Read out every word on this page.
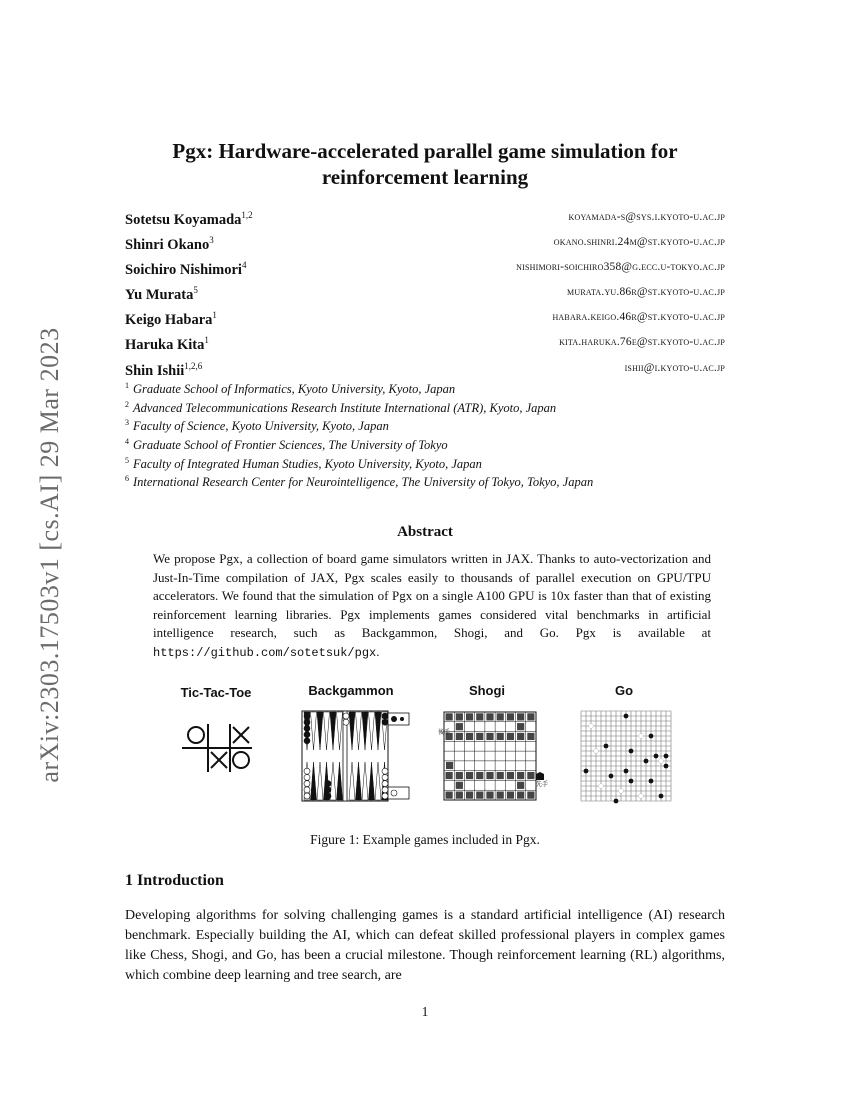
arXiv:2303.17503v1 [cs.AI] 29 Mar 2023
Pgx: Hardware-accelerated parallel game simulation for reinforcement learning
Sotetsu Koyamada$^{1,2}$	koyamada-s@sys.i.kyoto-u.ac.jp
Shinri Okano$^3$	okano.shinri.24m@st.kyoto-u.ac.jp
Soichiro Nishimori$^4$	nishimori-soichiro358@g.ecc.u-tokyo.ac.jp
Yu Murata$^5$	murata.yu.86r@st.kyoto-u.ac.jp
Keigo Habara$^1$	habara.keigo.46r@st.kyoto-u.ac.jp
Haruka Kita$^1$	kita.haruka.76e@st.kyoto-u.ac.jp
Shin Ishii$^{1,2,6}$	ishii@i.kyoto-u.ac.jp
$^1$ Graduate School of Informatics, Kyoto University, Kyoto, Japan
$^2$ Advanced Telecommunications Research Institute International (ATR), Kyoto, Japan
$^3$ Faculty of Science, Kyoto University, Kyoto, Japan
$^4$ Graduate School of Frontier Sciences, The University of Tokyo
$^5$ Faculty of Integrated Human Studies, Kyoto University, Kyoto, Japan
$^6$ International Research Center for Neurointelligence, The University of Tokyo, Tokyo, Japan
Abstract
We propose Pgx, a collection of board game simulators written in JAX. Thanks to auto-vectorization and Just-In-Time compilation of JAX, Pgx scales easily to thousands of parallel execution on GPU/TPU accelerators. We found that the simulation of Pgx on a single A100 GPU is 10x faster than that of existing reinforcement learning libraries. Pgx implements games considered vital benchmarks in artificial intelligence research, such as Backgammon, Shogi, and Go. Pgx is available at https://github.com/sotetsuk/pgx.
Tic-Tac-Toe	Backgammon	Shogi	Go
後手
先手
Figure 1: Example games included in Pgx.
1 Introduction
Developing algorithms for solving challenging games is a standard artificial intelligence (AI) research benchmark. Especially building the AI, which can defeat skilled professional players in complex games like Chess, Shogi, and Go, has been a crucial milestone. Though reinforcement learning (RL) algorithms, which combine deep learning and tree search, are
1
